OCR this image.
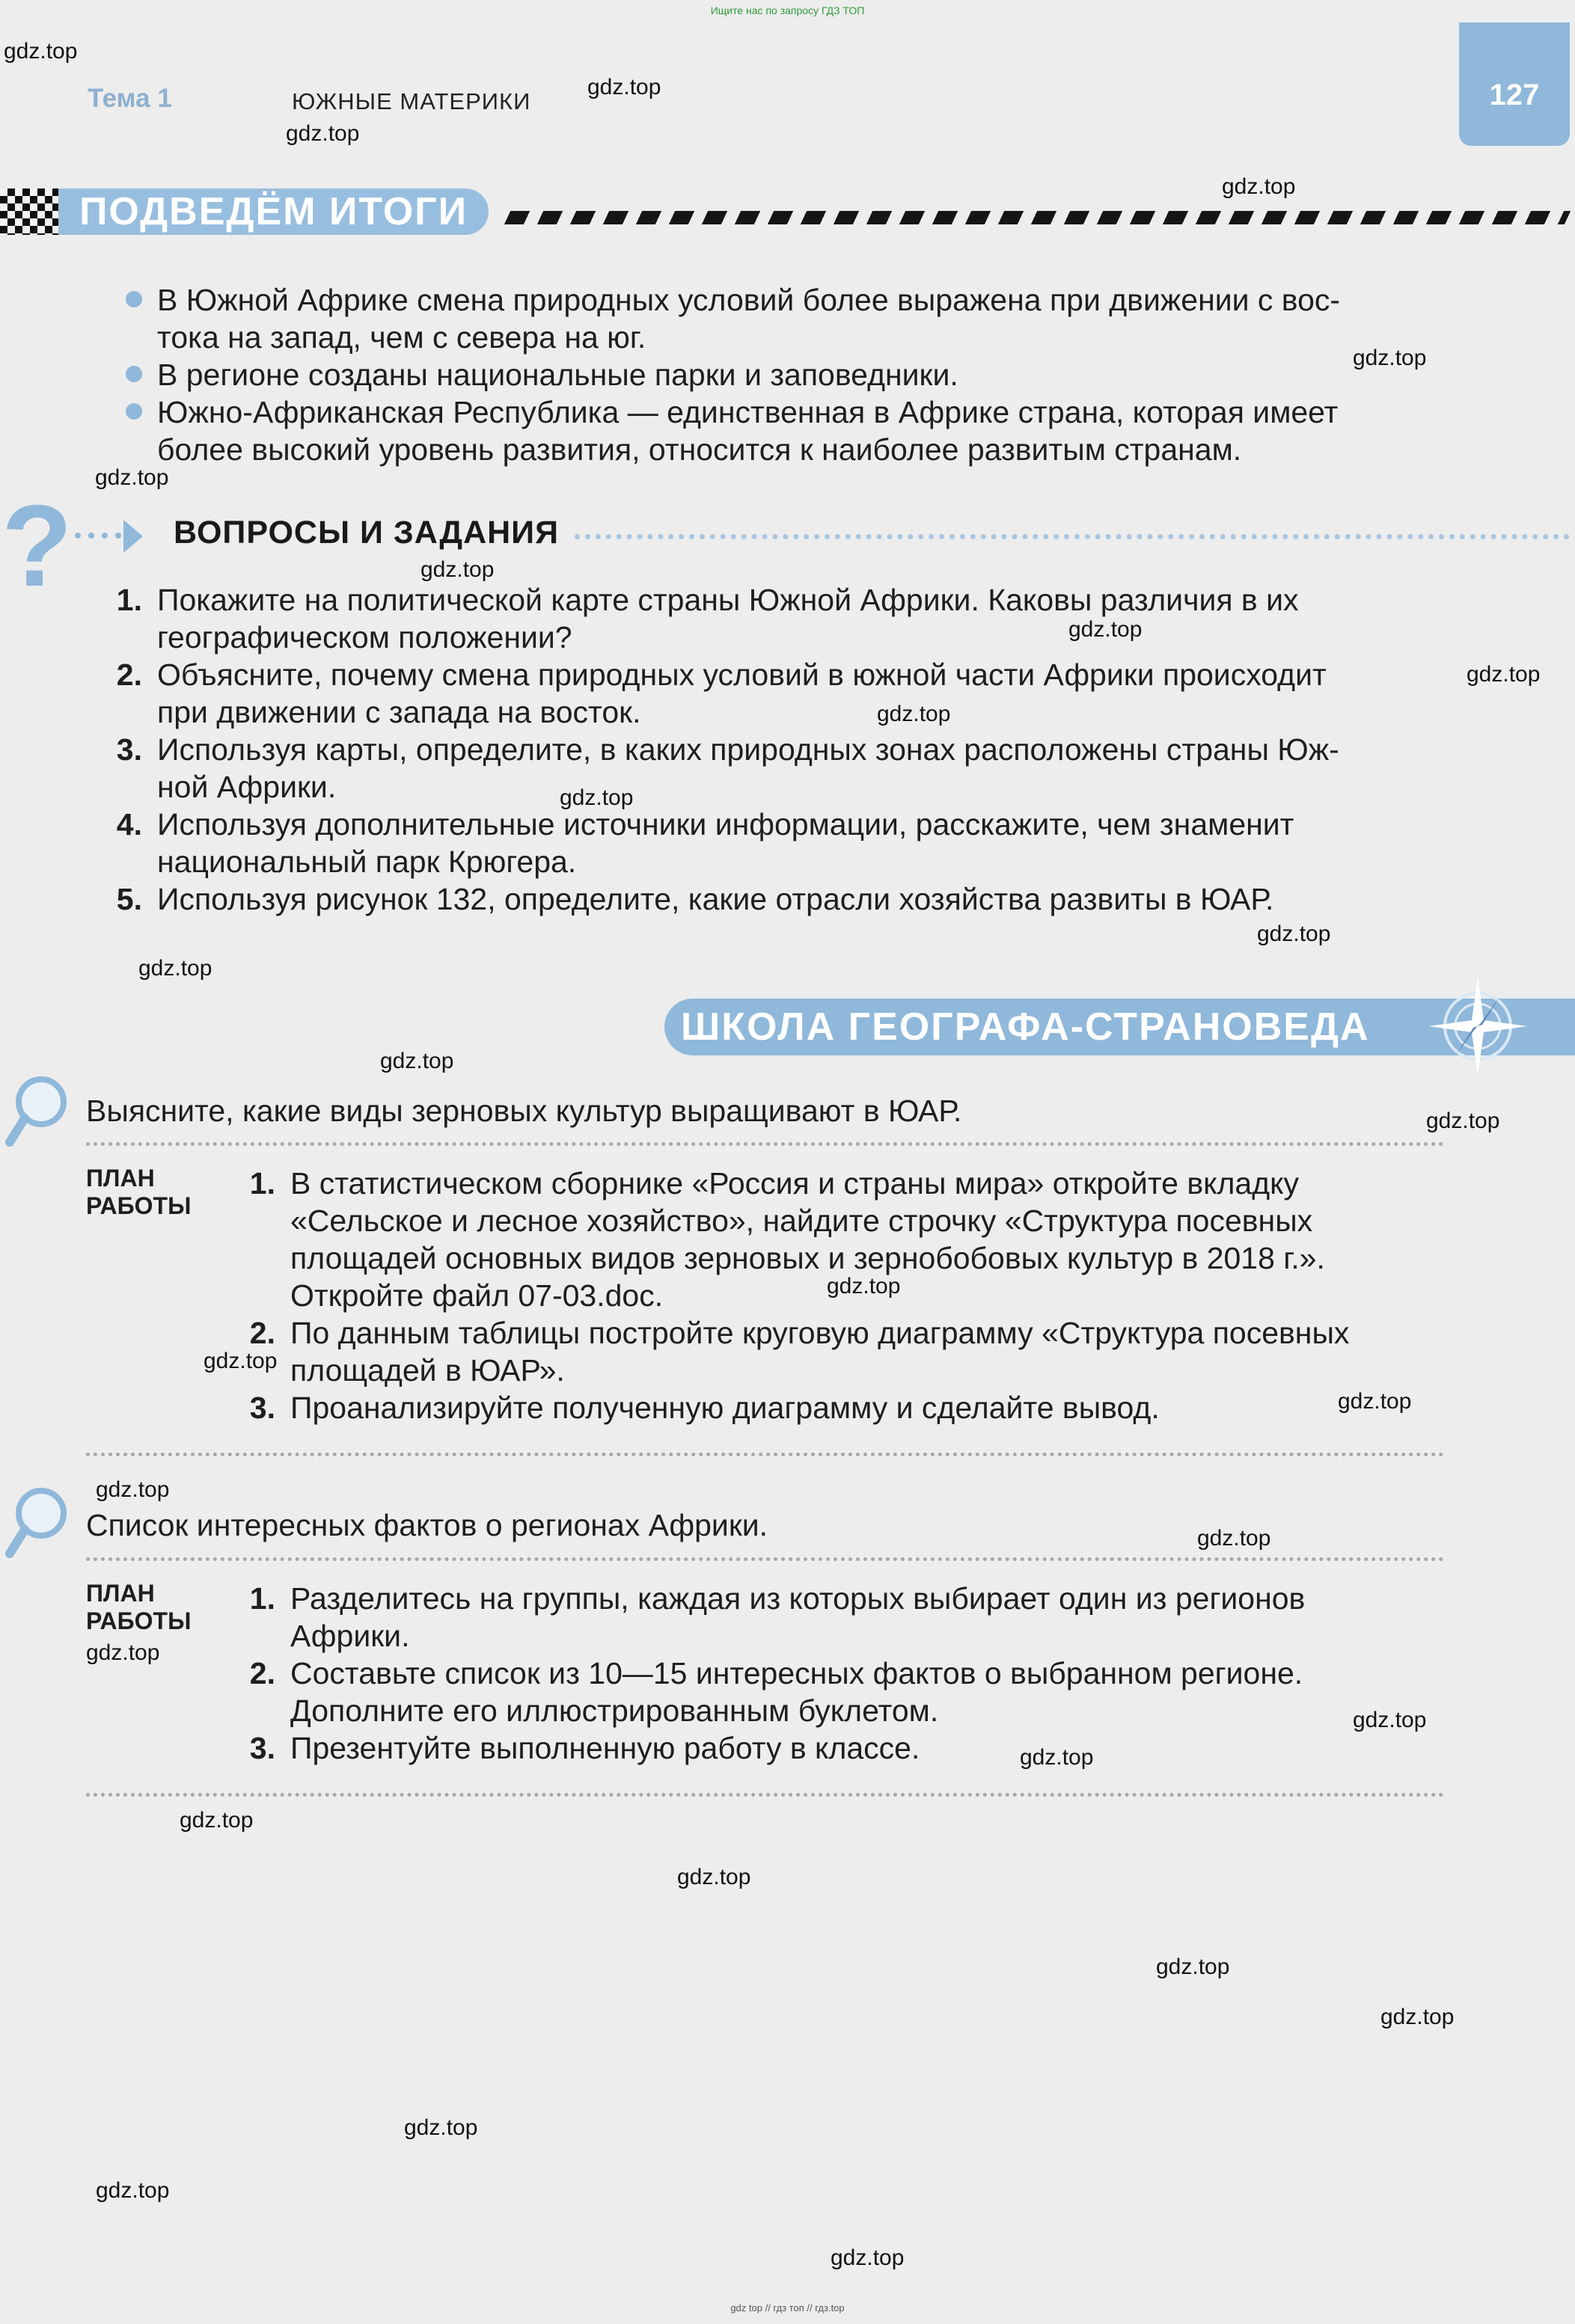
Ищите нас по запросу ГДЗ ТОП
Тема 1	ЮЖНЫЕ МАТЕРИКИ	127
ПОДВЕДЁМ ИТОГИ
В Южной Африке смена природных условий более выражена при движении с вос-
тока на запад, чем с севера на юг.
В регионе созданы национальные парки и заповедники.
Южно-Африканская Республика — единственная в Африке страна, которая имеет
более высокий уровень развития, относится к наиболее развитым странам.
?	ВОПРОСЫ И ЗАДАНИЯ
1. Покажите на политической карте страны Южной Африки. Каковы различия в их
географическом положении?
2. Объясните, почему смена природных условий в южной части Африки происходит
при движении с запада на восток.
3. Используя карты, определите, в каких природных зонах расположены страны Юж-
ной Африки.
4. Используя дополнительные источники информации, расскажите, чем знаменит
национальный парк Крюгера.
5. Используя рисунок 132, определите, какие отрасли хозяйства развиты в ЮАР.
ШКОЛА ГЕОГРАФА-СТРАНОВЕДА
Выясните, какие виды зерновых культур выращивают в ЮАР.
ПЛАН
РАБОТЫ
1. В статистическом сборнике «Россия и страны мира» откройте вкладку
«Сельское и лесное хозяйство», найдите строчку «Структура посевных
площадей основных видов зерновых и зернобобовых культур в 2018 г.».
Откройте файл 07-03.doc.
2. По данным таблицы постройте круговую диаграмму «Структура посевных
площадей в ЮАР».
3. Проанализируйте полученную диаграмму и сделайте вывод.
Список интересных фактов о регионах Африки.
ПЛАН
РАБОТЫ
1. Разделитесь на группы, каждая из которых выбирает один из регионов
Африки.
2. Составьте список из 10—15 интересных фактов о выбранном регионе.
Дополните его иллюстрированным буклетом.
3. Презентуйте выполненную работу в классе.
gdz.top
gdz.top
gdz.top
gdz.top
gdz.top
gdz.top
gdz.top
gdz.top
gdz.top
gdz.top
gdz.top
gdz.top
gdz.top
gdz.top
gdz.top
gdz.top
gdz.top
gdz.top
gdz.top
gdz.top
gdz.top
gdz.top
gdz.top
gdz.top
gdz.top
gdz.top
gdz.top
gdz.top
gdz.top
gdz.top
gdz top // гдз топ // гдз.top
